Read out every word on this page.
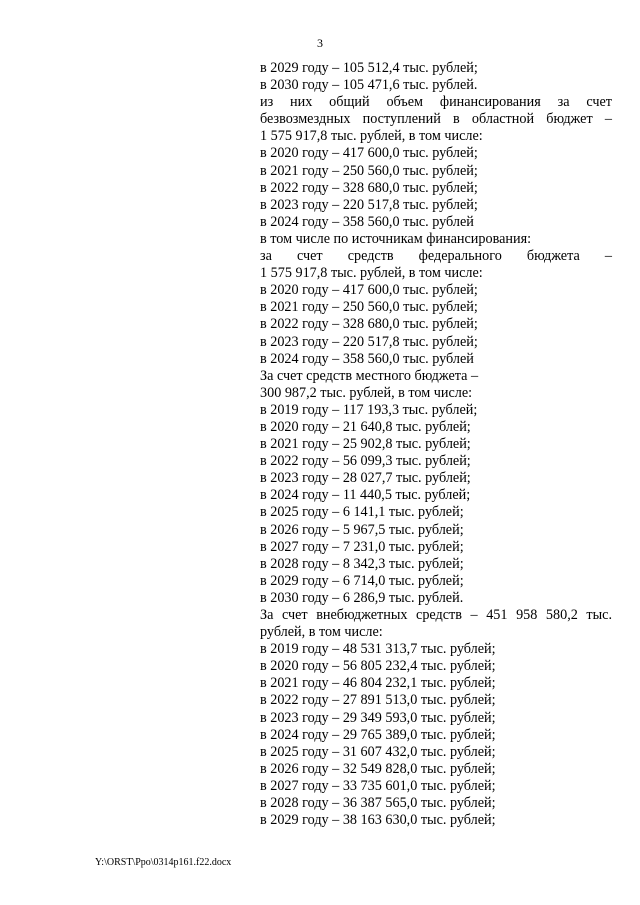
3
в 2029 году – 105 512,4 тыс. рублей;
в 2030 году – 105 471,6 тыс. рублей.
из них общий объем финансирования за счет
безвозмездных поступлений в областной бюджет –
1 575 917,8 тыс. рублей, в том числе:
в 2020 году – 417 600,0 тыс. рублей;
в 2021 году – 250 560,0 тыс. рублей;
в 2022 году – 328 680,0 тыс. рублей;
в 2023 году – 220 517,8 тыс. рублей;
в 2024 году – 358 560,0 тыс. рублей
в том числе по источникам финансирования:
за счет средств федерального бюджета –
1 575 917,8 тыс. рублей, в том числе:
в 2020 году – 417 600,0 тыс. рублей;
в 2021 году – 250 560,0 тыс. рублей;
в 2022 году – 328 680,0 тыс. рублей;
в 2023 году – 220 517,8 тыс. рублей;
в 2024 году – 358 560,0 тыс. рублей
За счет средств местного бюджета –
300 987,2 тыс. рублей, в том числе:
в 2019 году – 117 193,3 тыс. рублей;
в 2020 году – 21 640,8 тыс. рублей;
в 2021 году – 25 902,8 тыс. рублей;
в 2022 году – 56 099,3 тыс. рублей;
в 2023 году – 28 027,7 тыс. рублей;
в 2024 году – 11 440,5 тыс. рублей;
в 2025 году – 6 141,1 тыс. рублей;
в 2026 году – 5 967,5 тыс. рублей;
в 2027 году – 7 231,0 тыс. рублей;
в 2028 году – 8 342,3 тыс. рублей;
в 2029 году – 6 714,0 тыс. рублей;
в 2030 году – 6 286,9 тыс. рублей.
За счет внебюджетных средств – 451 958 580,2 тыс.
рублей, в том числе:
в 2019 году – 48 531 313,7 тыс. рублей;
в 2020 году – 56 805 232,4 тыс. рублей;
в 2021 году – 46 804 232,1 тыс. рублей;
в 2022 году – 27 891 513,0 тыс. рублей;
в 2023 году – 29 349 593,0 тыс. рублей;
в 2024 году – 29 765 389,0 тыс. рублей;
в 2025 году – 31 607 432,0 тыс. рублей;
в 2026 году – 32 549 828,0 тыс. рублей;
в 2027 году – 33 735 601,0 тыс. рублей;
в 2028 году – 36 387 565,0 тыс. рублей;
в 2029 году – 38 163 630,0 тыс. рублей;
Y:\ORST\Ppo\0314p161.f22.docx
